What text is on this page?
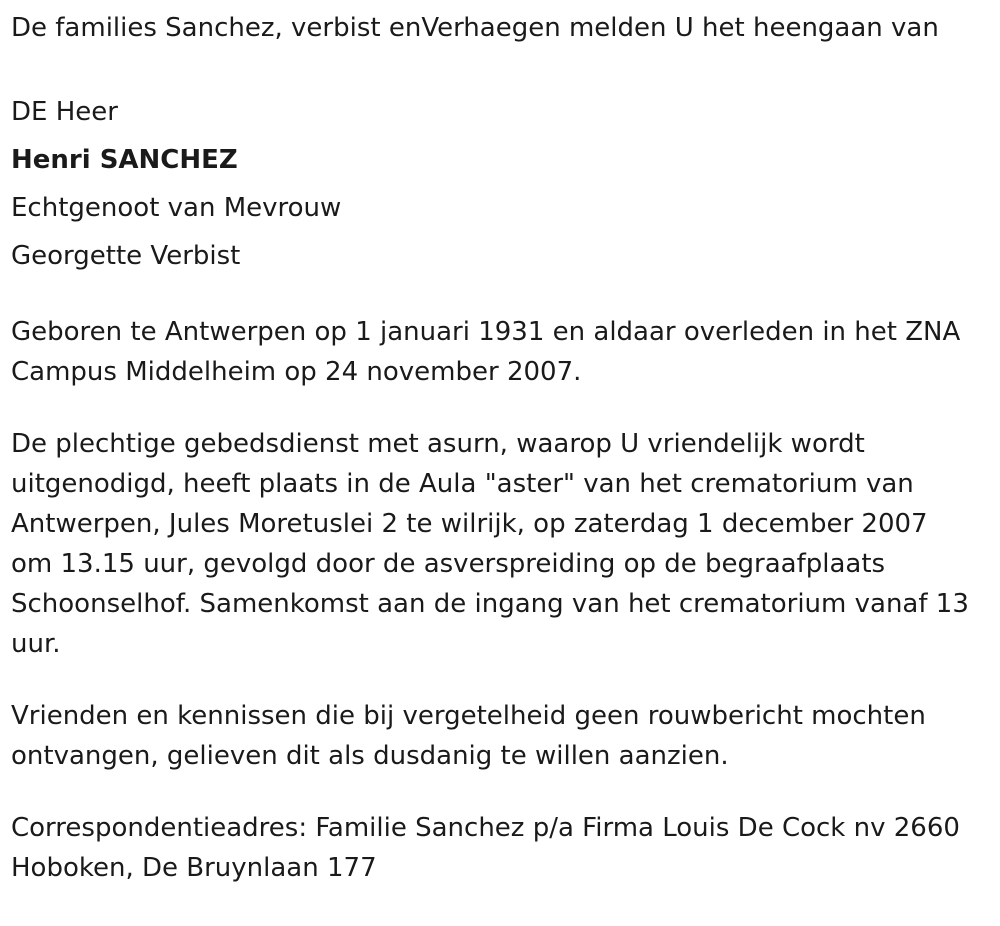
De families Sanchez, verbist enVerhaegen melden U het heengaan van
DE Heer
Henri SANCHEZ
Echtgenoot van Mevrouw
Georgette Verbist
Geboren te Antwerpen op 1 januari 1931 en aldaar overleden in het ZNA
Campus Middelheim op 24 november 2007.
De plechtige gebedsdienst met asurn, waarop U vriendelijk wordt
uitgenodigd, heeft plaats in de Aula "aster" van het crematorium van
Antwerpen, Jules Moretuslei 2 te wilrijk, op zaterdag 1 december 2007
om 13.15 uur, gevolgd door de asverspreiding op de begraafplaats
Schoonselhof. Samenkomst aan de ingang van het crematorium vanaf 13
uur.
Vrienden en kennissen die bij vergetelheid geen rouwbericht mochten
ontvangen, gelieven dit als dusdanig te willen aanzien.
Correspondentieadres: Familie Sanchez p/a Firma Louis De Cock nv 2660
Hoboken, De Bruynlaan 177
